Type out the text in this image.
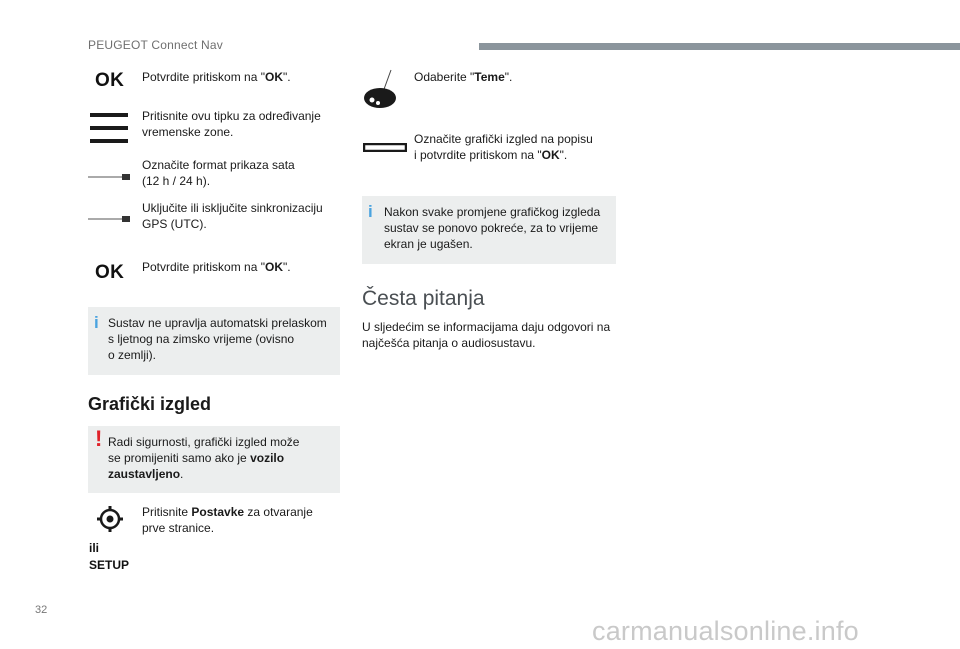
PEUGEOT Connect Nav
OK Potvrdite pritiskom na "OK".
Pritisnite ovu tipku za određivanje
vremenske zone.
Označite format prikaza sata
(12 h / 24 h).
Uključite ili isključite sinkronizaciju
GPS (UTC).
OK Potvrdite pritiskom na "OK".
i Sustav ne upravlja automatski prelaskom
s ljetnog na zimsko vrijeme (ovisno
o zemlji).
Grafički izgled
! Radi sigurnosti, grafički izgled može
se promijeniti samo ako je vozilo
zaustavljeno.
Pritisnite Postavke za otvaranje
prve stranice.
ili
SETUP
Odaberite "Teme".
Označite grafički izgled na popisu
i potvrdite pritiskom na "OK".
i Nakon svake promjene grafičkog izgleda
sustav se ponovo pokreće, za to vrijeme
ekran je ugašen.
Česta pitanja
U sljedećim se informacijama daju odgovori na
najčešća pitanja o audiosustavu.
32
carmanualsonline.info
